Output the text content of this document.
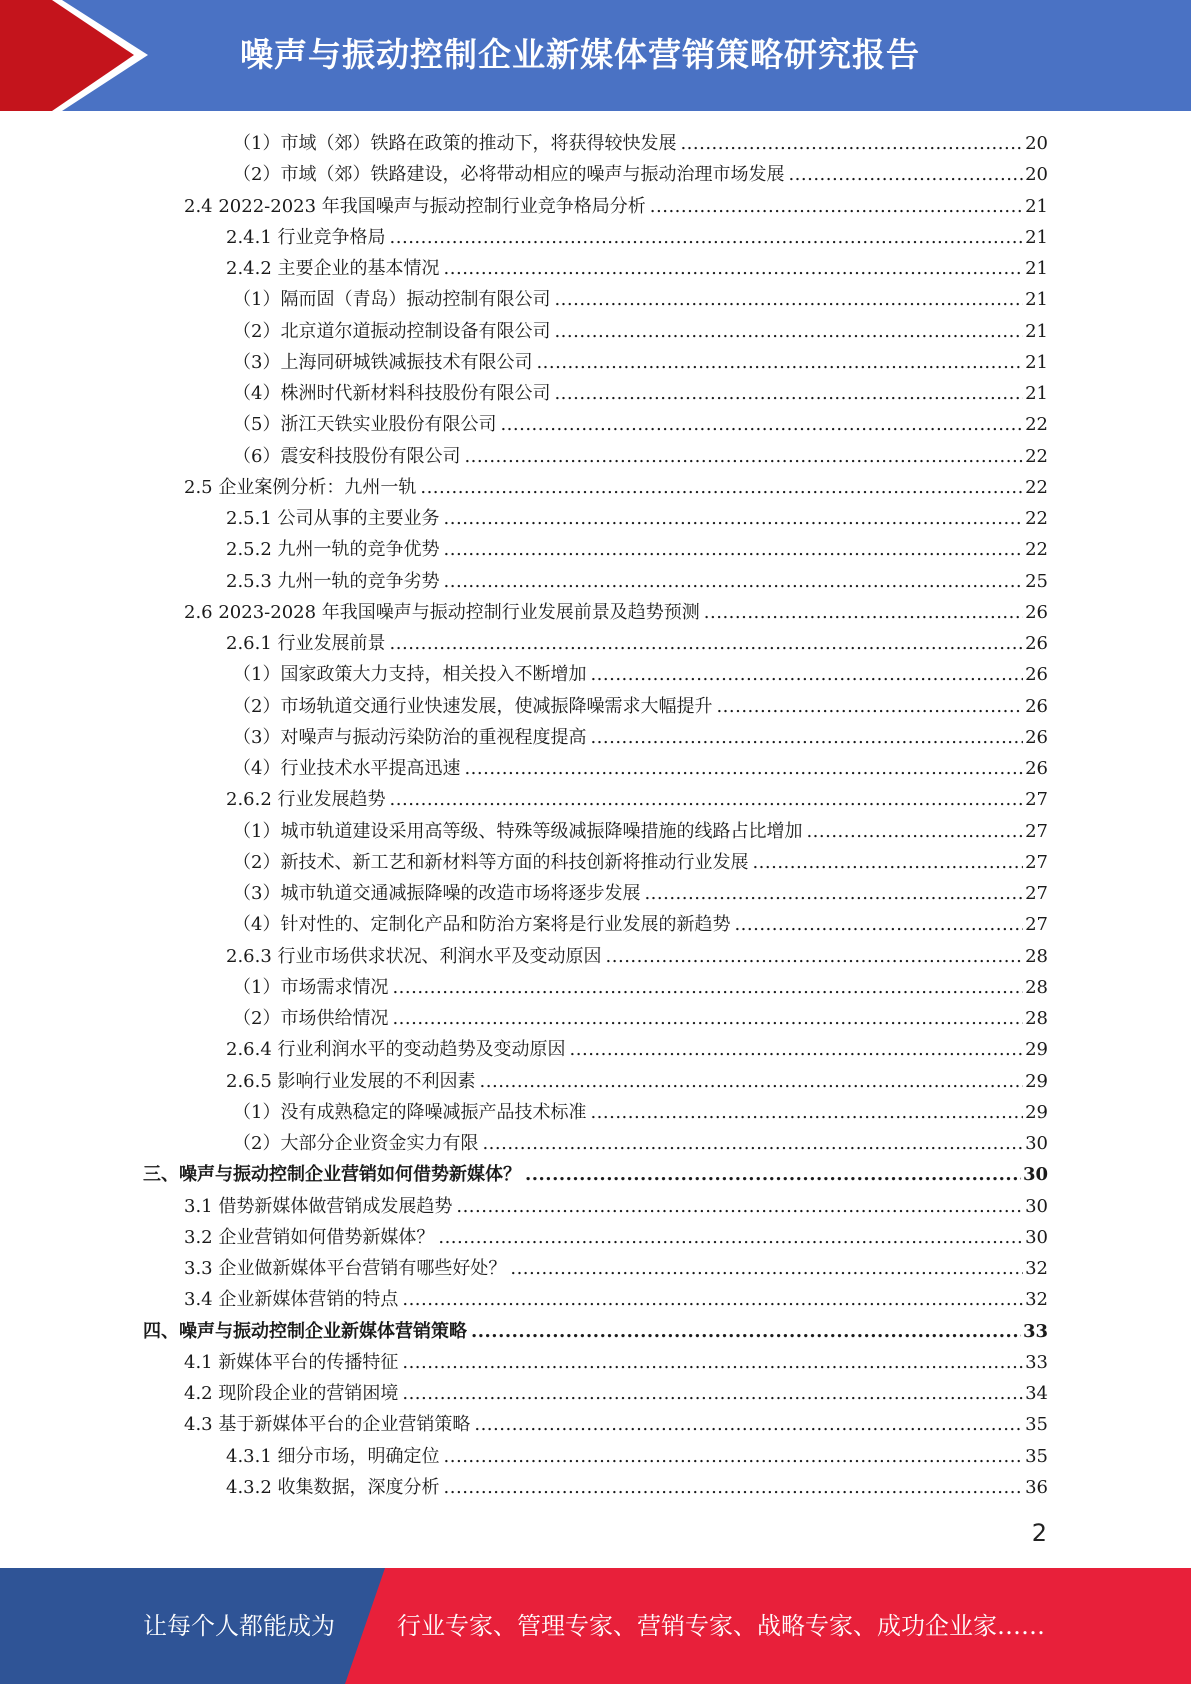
噪声与振动控制企业新媒体营销策略研究报告
（1）市域（郊）铁路在政策的推动下，将获得较快发展 .....	20
（2）市域（郊）铁路建设，必将带动相应的噪声与振动治理市场发展 .....	20
2.4 2022-2023 年我国噪声与振动控制行业竞争格局分析 .....	21
2.4.1 行业竞争格局 .....	21
2.4.2 主要企业的基本情况 .....	21
（1）隔而固（青岛）振动控制有限公司 .....	21
（2）北京道尔道振动控制设备有限公司 .....	21
（3）上海同研城铁减振技术有限公司 .....	21
（4）株洲时代新材料科技股份有限公司 .....	21
（5）浙江天铁实业股份有限公司 .....	22
（6）震安科技股份有限公司 .....	22
2.5 企业案例分析：九州一轨 .....	22
2.5.1 公司从事的主要业务 .....	22
2.5.2 九州一轨的竞争优势 .....	22
2.5.3 九州一轨的竞争劣势 .....	25
2.6 2023-2028 年我国噪声与振动控制行业发展前景及趋势预测 .....	26
2.6.1 行业发展前景 .....	26
（1）国家政策大力支持，相关投入不断增加 .....	26
（2）市场轨道交通行业快速发展，使减振降噪需求大幅提升 .....	26
（3）对噪声与振动污染防治的重视程度提高 .....	26
（4）行业技术水平提高迅速 .....	26
2.6.2 行业发展趋势 .....	27
（1）城市轨道建设采用高等级、特殊等级减振降噪措施的线路占比增加 .....	27
（2）新技术、新工艺和新材料等方面的科技创新将推动行业发展 .....	27
（3）城市轨道交通减振降噪的改造市场将逐步发展 .....	27
（4）针对性的、定制化产品和防治方案将是行业发展的新趋势 .....	27
2.6.3 行业市场供求状况、利润水平及变动原因 .....	28
（1）市场需求情况 .....	28
（2）市场供给情况 .....	28
2.6.4 行业利润水平的变动趋势及变动原因 .....	29
2.6.5 影响行业发展的不利因素 .....	29
（1）没有成熟稳定的降噪减振产品技术标准 .....	29
（2）大部分企业资金实力有限 .....	30
三、噪声与振动控制企业营销如何借势新媒体？ .....	30
3.1 借势新媒体做营销成发展趋势 .....	30
3.2 企业营销如何借势新媒体？ .....	30
3.3 企业做新媒体平台营销有哪些好处？ .....	32
3.4 企业新媒体营销的特点 .....	32
四、噪声与振动控制企业新媒体营销策略 .....	33
4.1 新媒体平台的传播特征 .....	33
4.2 现阶段企业的营销困境 .....	34
4.3 基于新媒体平台的企业营销策略 .....	35
4.3.1 细分市场，明确定位 .....	35
4.3.2 收集数据，深度分析 .....	36
2
让每个人都能成为	行业专家、管理专家、营销专家、战略专家、成功企业家……
